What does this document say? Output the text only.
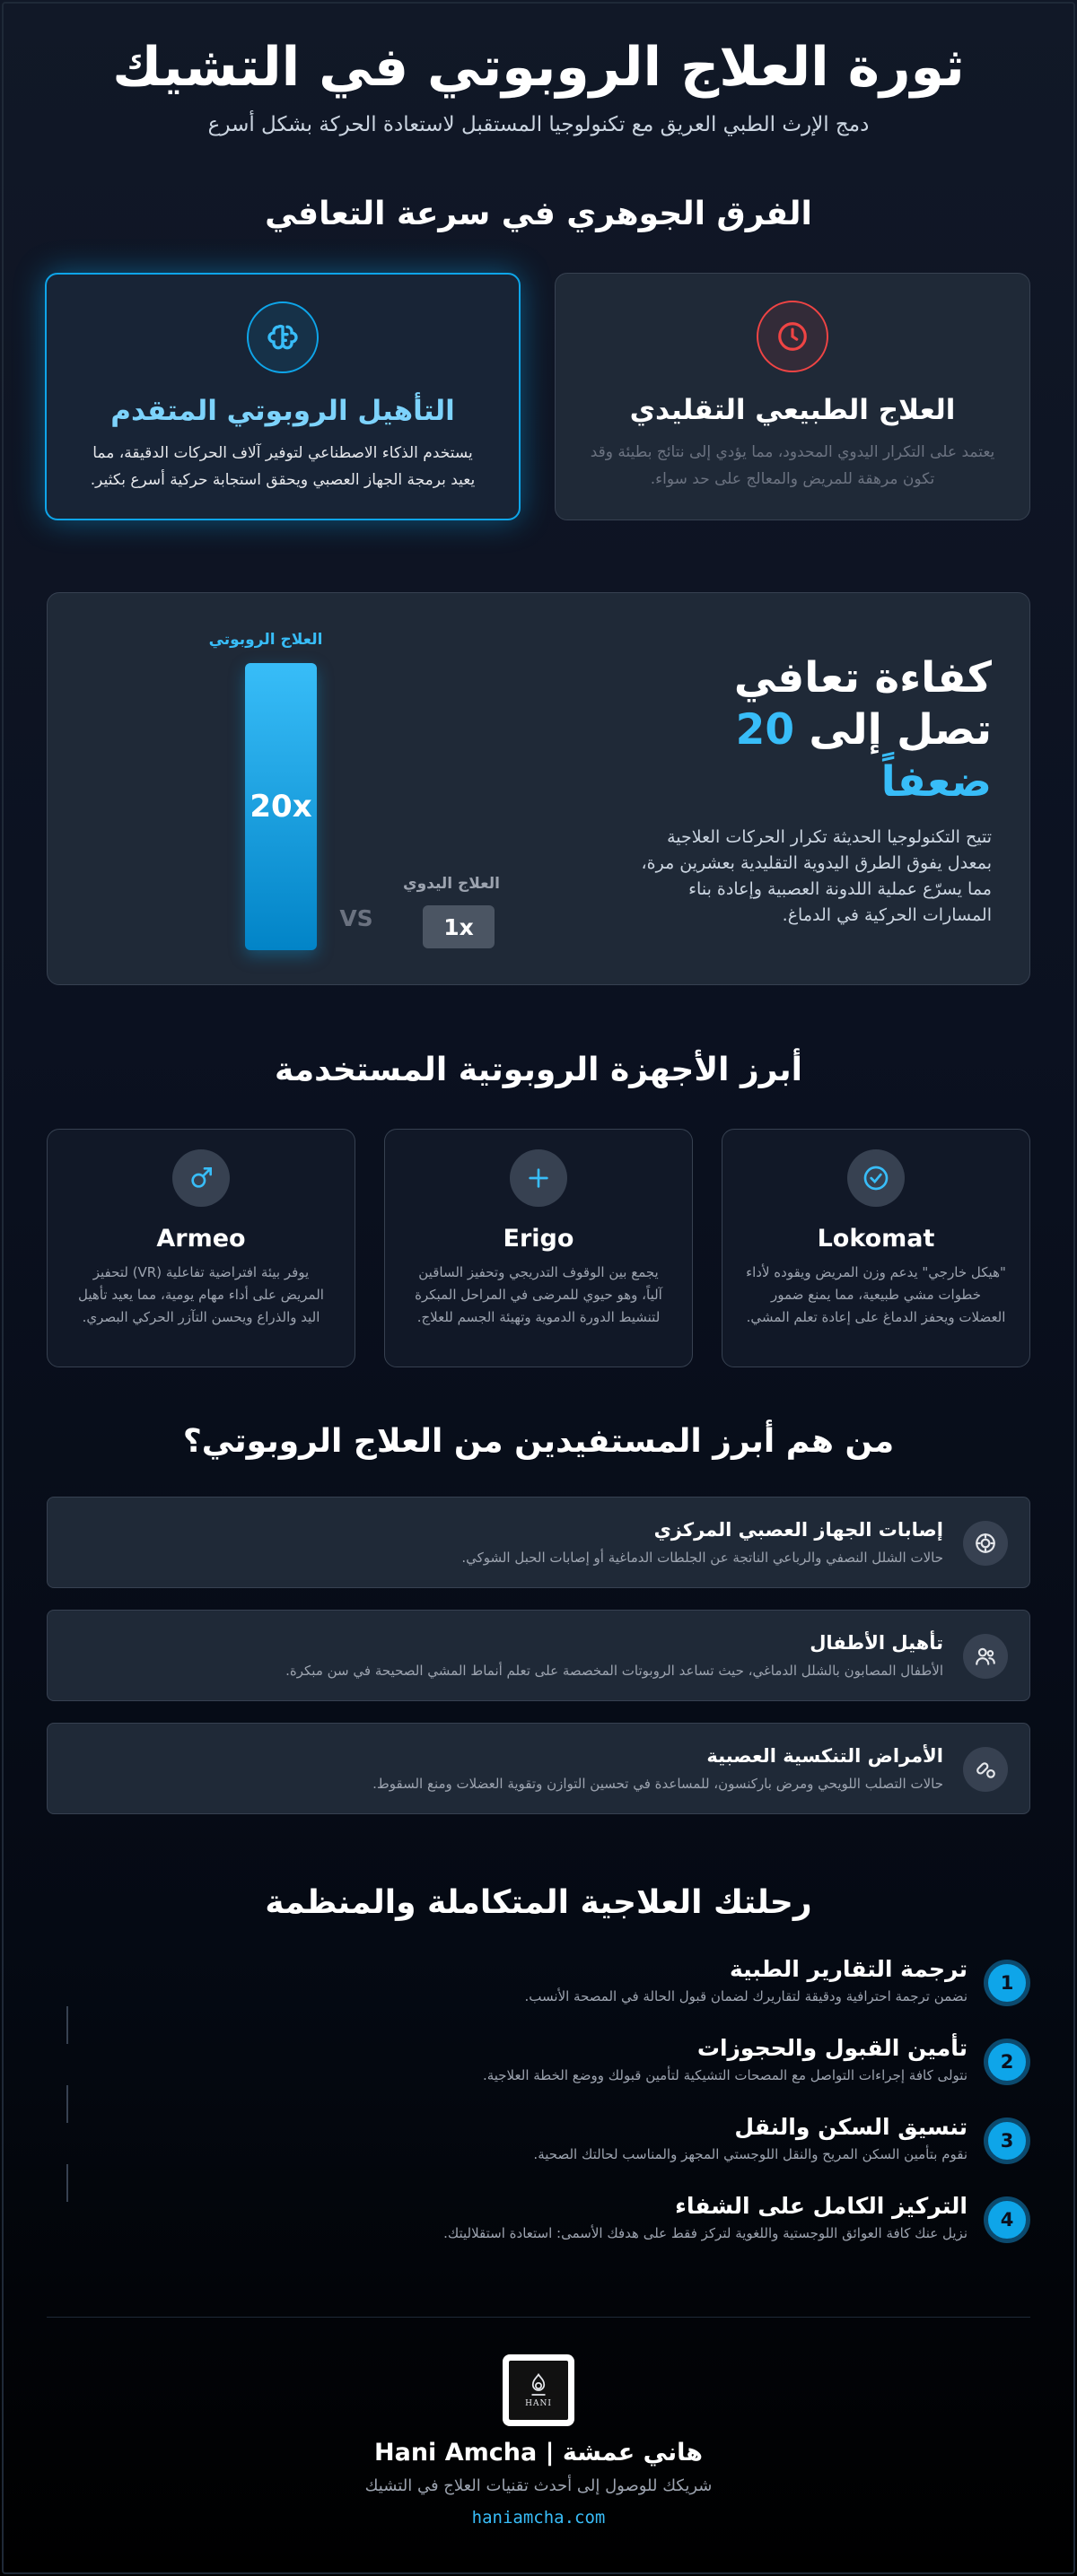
ثورة العلاج الروبوتي في التشيك

دمج الإرث الطبي العريق مع تكنولوجيا المستقبل لاستعادة الحركة بشكل أسرع

الفرق الجوهري في سرعة التعافي
العلاج الطبيعي التقليدي

يعتمد على التكرار اليدوي المحدود، مما يؤدي إلى نتائج بطيئة وقد تكون مرهقة للمريض والمعالج على حد سواء.

التأهيل الروبوتي المتقدم

يستخدم الذكاء الاصطناعي لتوفير آلاف الحركات الدقيقة، مما يعيد برمجة الجهاز العصبي ويحقق استجابة حركية أسرع بكثير.

كفاءة تعافي
تصل إلى 20
ضعفاً

تتيح التكنولوجيا الحديثة تكرار الحركات العلاجية بمعدل يفوق الطرق اليدوية التقليدية بعشرين مرة، مما يسرّع عملية اللدونة العصبية وإعادة بناء المسارات الحركية في الدماغ.

العلاج الروبوتي
20x
VS
العلاج اليدوي
1x
أبرز الأجهزة الروبوتية المستخدمة
Lokomat

"هيكل خارجي" يدعم وزن المريض ويقوده لأداء خطوات مشي طبيعية، مما يمنع ضمور العضلات ويحفز الدماغ على إعادة تعلم المشي.

Erigo

يجمع بين الوقوف التدريجي وتحفيز الساقين آلياً، وهو حيوي للمرضى في المراحل المبكرة لتنشيط الدورة الدموية وتهيئة الجسم للعلاج.

Armeo

يوفر بيئة افتراضية تفاعلية (VR) لتحفيز المريض على أداء مهام يومية، مما يعيد تأهيل اليد والذراع ويحسن التآزر الحركي البصري.

من هم أبرز المستفيدين من العلاج الروبوتي؟
إصابات الجهاز العصبي المركزي
حالات الشلل النصفي والرباعي الناتجة عن الجلطات الدماغية أو إصابات الحبل الشوكي.
تأهيل الأطفال
الأطفال المصابون بالشلل الدماغي، حيث تساعد الروبوتات المخصصة على تعلم أنماط المشي الصحيحة في سن مبكرة.
الأمراض التنكسية العصبية
حالات التصلب اللويحي ومرض باركنسون، للمساعدة في تحسين التوازن وتقوية العضلات ومنع السقوط.
رحلتك العلاجية المتكاملة والمنظمة
1
ترجمة التقارير الطبية
نضمن ترجمة احترافية ودقيقة لتقاريرك لضمان قبول الحالة في المصحة الأنسب.
2
تأمين القبول والحجوزات
نتولى كافة إجراءات التواصل مع المصحات التشيكية لتأمين قبولك ووضع الخطة العلاجية.
3
تنسيق السكن والنقل
نقوم بتأمين السكن المريح والنقل اللوجستي المجهز والمناسب لحالتك الصحية.
4
التركيز الكامل على الشفاء
نزيل عنك كافة العوائق اللوجستية واللغوية لتركز فقط على هدفك الأسمى: استعادة استقلاليتك.
HANI
Hani Amcha | هاني عمشة
شريكك للوصول إلى أحدث تقنيات العلاج في التشيك
haniamcha.com
